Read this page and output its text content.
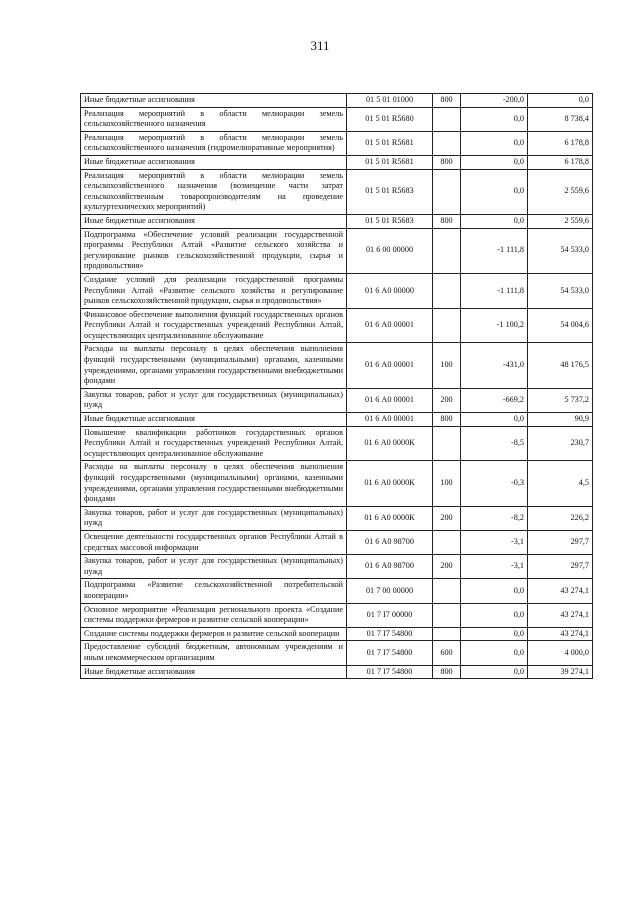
311
Иные бюджетные ассигнования	01 5 01 01000	800	-200,0	0,0
Реализация мероприятий в области мелиорации земель сельскохозяйственного назначения	01 5 01 R5680		0,0	8 738,4
Реализация мероприятий в области мелиорации земель сельскохозяйственного назначения (гидромелиоративные мероприятия)	01 5 01 R5681		0,0	6 178,8
Иные бюджетные ассигнования	01 5 01 R5681	800	0,0	6 178,8
Реализация мероприятий в области мелиорации земель сельскохозяйственного назначения (возмещение части затрат сельскохозяйственным товаропроизводителям на проведение культуртехнических мероприятий)	01 5 01 R5683		0,0	2 559,6
Иные бюджетные ассигнования	01 5 01 R5683	800	0,0	2 559,6
Подпрограмма «Обеспечение условий реализации государственной программы Республики Алтай «Развитие сельского хозяйства и регулирование рынков сельскохозяйственной продукции, сырья и продовольствия»	01 6 00 00000		-1 111,8	54 533,0
Создание условий для реализации государственной программы Республики Алтай «Развитие сельского хозяйства и регулирование рынков сельскохозяйственной продукции, сырья и продовольствия»	01 6 А0 00000		-1 111,8	54 533,0
Финансовое обеспечение выполнения функций государственных органов Республики Алтай и государственных учреждений Республики Алтай, осуществляющих централизованное обслуживание	01 6 А0 00001		-1 100,2	54 004,6
Расходы на выплаты персоналу в целях обеспечения выполнения функций государственными (муниципальными) органами, казенными учреждениями, органами управления государственными внебюджетными фондами	01 6 А0 00001	100	-431,0	48 176,5
Закупка товаров, работ и услуг для государственных (муниципальных) нужд	01 6 А0 00001	200	-669,2	5 737,2
Иные бюджетные ассигнования	01 6 А0 00001	800	0,0	90,9
Повышение квалификации работников государственных органов Республики Алтай и государственных учреждений Республики Алтай, осуществляющих централизованное обслуживание	01 6 А0 0000К		-8,5	230,7
Расходы на выплаты персоналу в целях обеспечения выполнения функций государственными (муниципальными) органами, казенными учреждениями, органами управления государственными внебюджетными фондами	01 6 А0 0000К	100	-0,3	4,5
Закупка товаров, работ и услуг для государственных (муниципальных) нужд	01 6 А0 0000К	200	-8,2	226,2
Освещение деятельности государственных органов Республики Алтай в средствах массовой информации	01 6 А0 98700		-3,1	297,7
Закупка товаров, работ и услуг для государственных (муниципальных) нужд	01 6 А0 98700	200	-3,1	297,7
Подпрограмма «Развитие сельскохозяйственной потребительской кооперации»	01 7 00 00000		0,0	43 274,1
Основное мероприятие «Реализация регионального проекта «Создание системы поддержки фермеров и развитие сельской кооперации»	01 7 I7 00000		0,0	43 274,1
Создание системы поддержки фермеров и развитие сельской кооперации	01 7 I7 54800		0,0	43 274,1
Предоставление субсидий бюджетным, автономным учреждениям и иным некоммерческим организациям	01 7 I7 54800	600	0,0	4 000,0
Иные бюджетные ассигнования	01 7 I7 54800	800	0,0	39 274,1
